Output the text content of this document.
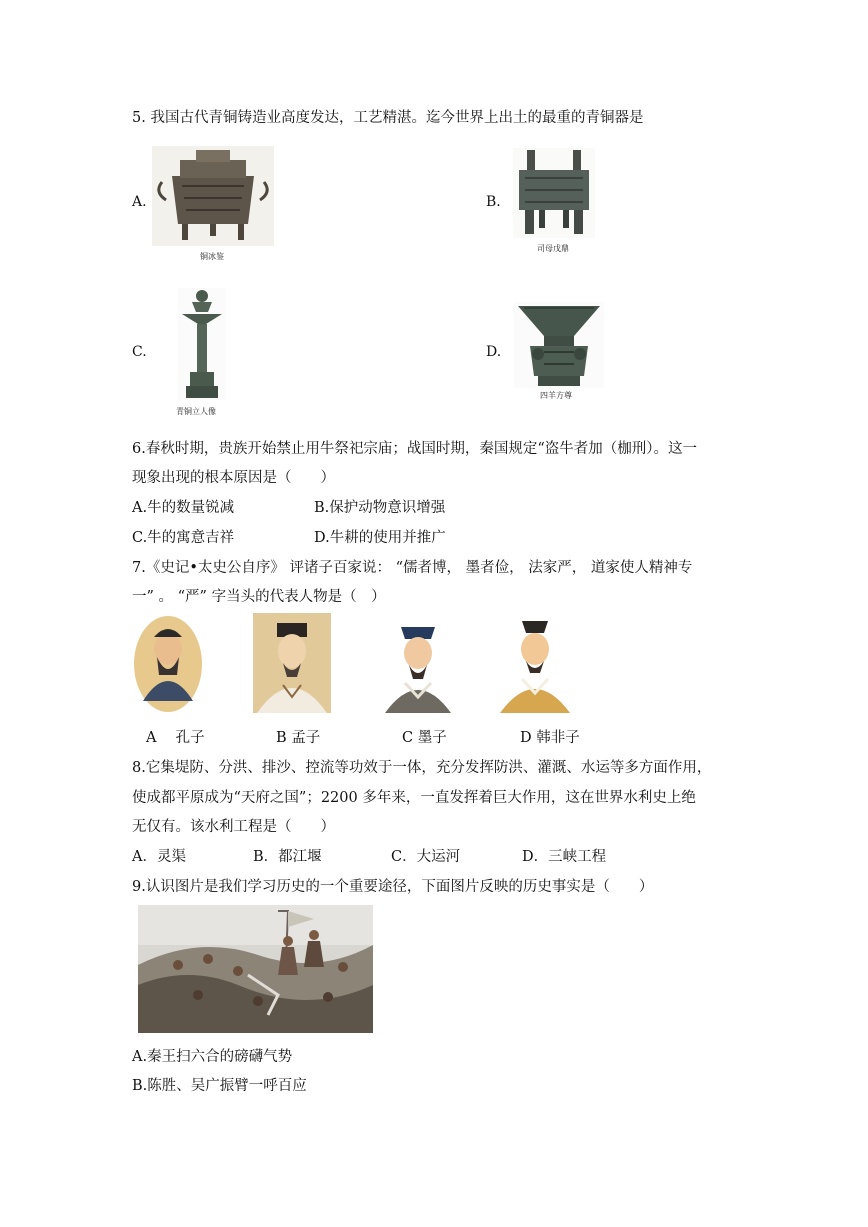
5. 我国古代青铜铸造业高度发达，工艺精湛。迄今世界上出土的最重的青铜器是
A.
铜冰鉴
B.
司母戊鼎
C.
青铜立人像
D.
四羊方尊
6.春秋时期，贵族开始禁止用牛祭祀宗庙；战国时期，秦国规定“盗牛者加（枷刑）。这一
现象出现的根本原因是（　　）
A.牛的数量锐减	B.保护动物意识增强
C.牛的寓意吉祥	D.牛耕的使用并推广
7.《史记•太史公自序》 评诸子百家说： “儒者博， 墨者俭， 法家严， 道家使人精神专
一” 。 “严” 字当头的代表人物是（　）
A　 孔子	B 孟子	C 墨子	D 韩非子
8.它集堤防、分洪、排沙、控流等功效于一体，充分发挥防洪、灌溉、水运等多方面作用，
使成都平原成为“天府之国”；2200 多年来，一直发挥着巨大作用，这在世界水利史上绝
无仅有。该水利工程是（　　）
A．灵渠	B．都江堰	C．大运河	D．三峡工程
9.认识图片是我们学习历史的一个重要途径，下面图片反映的历史事实是（　　）
A.秦王扫六合的磅礴气势
B.陈胜、吴广振臂一呼百应
